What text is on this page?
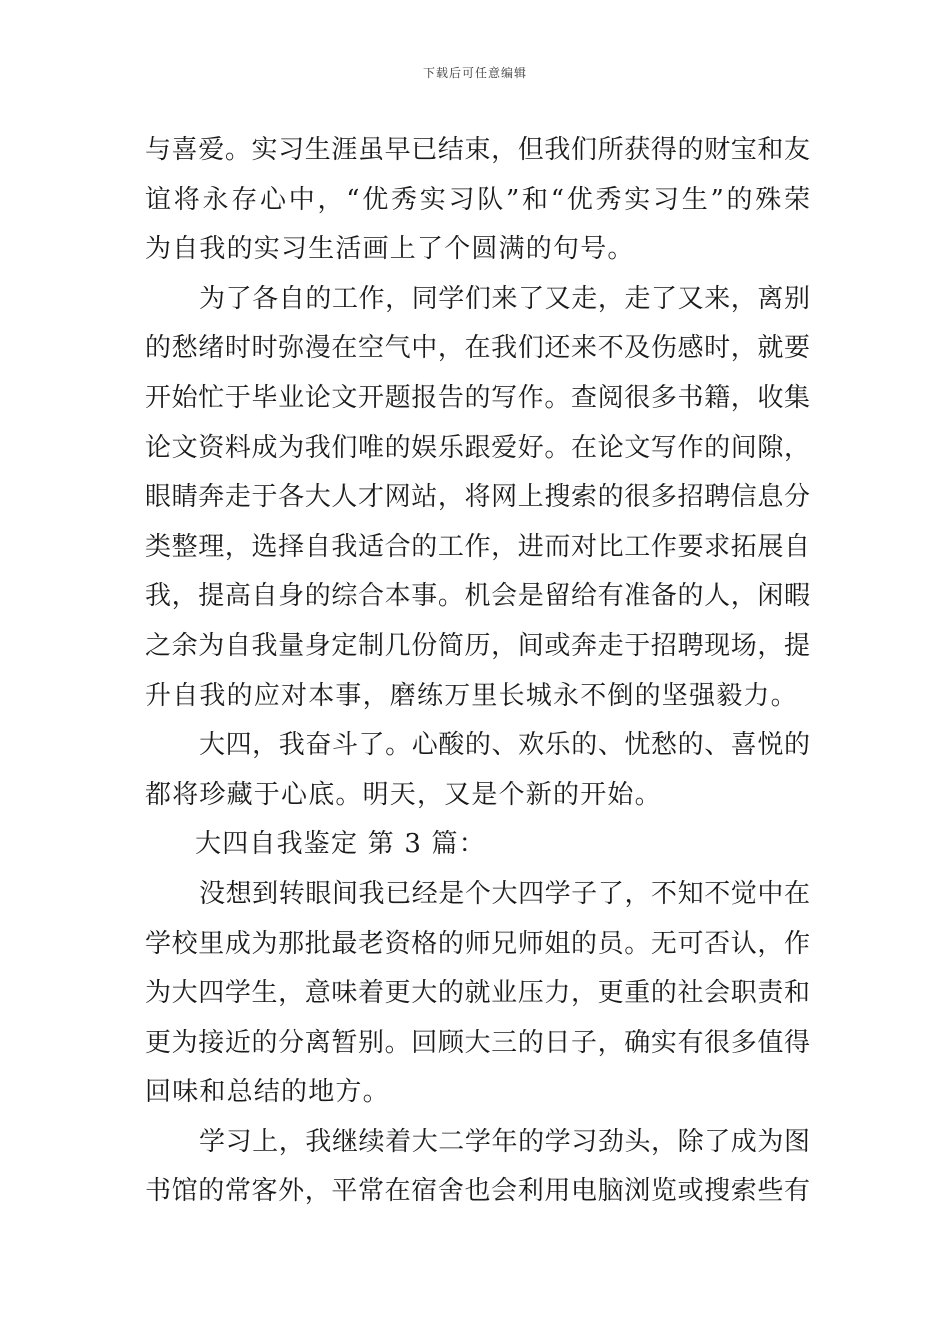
下载后可任意编辑
与喜爱。实习生涯虽早已结束，但我们所获得的财宝和友
谊将永存心中，“优秀实习队”和“优秀实习生”的殊荣
为自我的实习生活画上了个圆满的句号。
为了各自的工作，同学们来了又走，走了又来，离别
的愁绪时时弥漫在空气中，在我们还来不及伤感时，就要
开始忙于毕业论文开题报告的写作。查阅很多书籍，收集
论文资料成为我们唯的娱乐跟爱好。在论文写作的间隙，
眼睛奔走于各大人才网站，将网上搜索的很多招聘信息分
类整理，选择自我适合的工作，进而对比工作要求拓展自
我，提高自身的综合本事。机会是留给有准备的人，闲暇
之余为自我量身定制几份简历，间或奔走于招聘现场，提
升自我的应对本事，磨练万里长城永不倒的坚强毅力。
大四，我奋斗了。心酸的、欢乐的、忧愁的、喜悦的
都将珍藏于心底。明天，又是个新的开始。
大四自我鉴定 第 3 篇：
没想到转眼间我已经是个大四学子了，不知不觉中在
学校里成为那批最老资格的师兄师姐的员。无可否认，作
为大四学生，意味着更大的就业压力，更重的社会职责和
更为接近的分离暂别。回顾大三的日子，确实有很多值得
回味和总结的地方。
学习上，我继续着大二学年的学习劲头，除了成为图
书馆的常客外，平常在宿舍也会利用电脑浏览或搜索些有
